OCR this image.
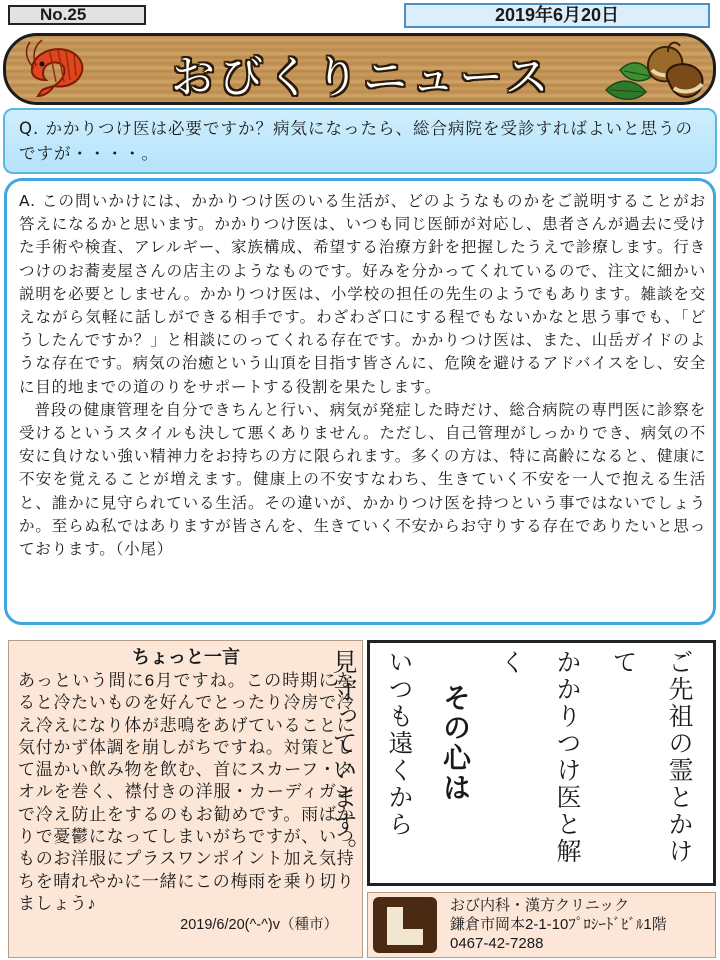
No.25	2019年6月20日
おびくりニュース
Q. かかりつけ医は必要ですか？病気になったら、総合病院を受診すればよいと思うのですが・・・・。

A. この問いかけには、かかりつけ医のいる生活が、どのようなものかをご説明することがお答えになるかと思います。かかりつけ医は、いつも同じ医師が対応し、患者さんが過去に受けた手術や検査、アレルギー、家族構成、希望する治療方針を把握したうえで診療します。行きつけのお蕎麦屋さんの店主のようなものです。好みを分かってくれているので、注文に細かい説明を必要としません。かかりつけ医は、小学校の担任の先生のようでもあります。雑談を交えながら気軽に話しができる相手です。わざわざ口にする程でもないかなと思う事でも、「どうしたんですか？」と相談にのってくれる存在です。かかりつけ医は、また、山岳ガイドのような存在です。病気の治癒という山頂を目指す皆さんに、危険を避けるアドバイスをし、安全に目的地までの道のりをサポートする役割を果たします。

普段の健康管理を自分できちんと行い、病気が発症した時だけ、総合病院の専門医に診察を受けるというスタイルも決して悪くありません。ただし、自己管理がしっかりでき、病気の不安に負けない強い精神力をお持ちの方に限られます。多くの方は、特に高齢になると、健康に不安を覚えることが増えます。健康上の不安すなわち、生きていく不安を一人で抱える生活と、誰かに見守られている生活。その違いが、かかりつけ医を持つという事ではないでしょうか。至らぬ私ではありますが皆さんを、生きていく不安からお守りする存在でありたいと思っております。（小尾）

ちょっと一言
あっという間に6月ですね。この時期になると冷たいものを好んでとったり冷房で冷え冷えになり体が悲鳴をあげていることに気付かず体調を崩しがちですね。対策として温かい飲み物を飲む、首にスカーフ・タオルを巻く、襟付きの洋服・カーディガンで冷え防止をするのもお勧めです。雨ばかりで憂鬱になってしまいがちですが、いつものお洋服にプラスワンポイント加え気持ちを晴れやかに一緒にこの梅雨を乗り切りましょう♪
2019/6/20(^-^)v（種市）
ご先祖の霊とかけて
かかりつけ医と解く
その心は
いつも遠くから
見守っています。
おび内科・漢方クリニック
鎌倉市岡本2-1-10ﾌﾟﾛｼｰﾄﾞﾋﾞﾙ1階
0467-42-7288
